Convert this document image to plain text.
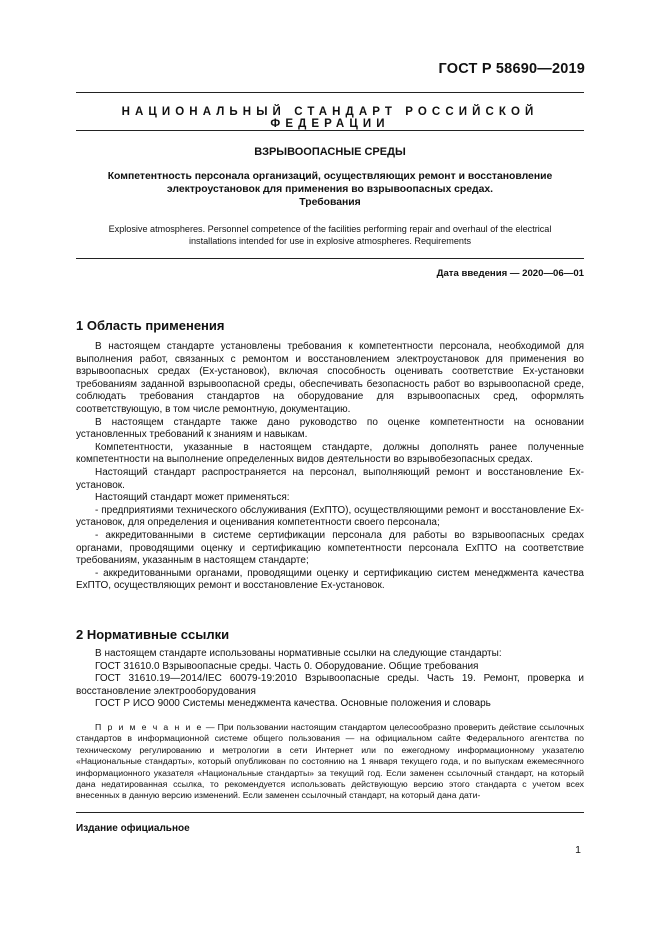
ГОСТ Р 58690—2019
НАЦИОНАЛЬНЫЙ СТАНДАРТ РОССИЙСКОЙ ФЕДЕРАЦИИ
ВЗРЫВООПАСНЫЕ СРЕДЫ
Компетентность персонала организаций, осуществляющих ремонт и восстановление
электроустановок для применения во взрывоопасных средах.
Требования
Explosive atmospheres. Personnel competence of the facilities performing repair and overhaul of the electrical
installations intended for use in explosive atmospheres. Requirements
Дата введения — 2020—06—01
1 Область применения

В настоящем стандарте установлены требования к компетентности персонала, необходимой для выполнения работ, связанных с ремонтом и восстановлением электроустановок для применения во взрывоопасных средах (Ex-установок), включая способность оценивать соответствие Ex-установки требованиям заданной взрывоопасной среды, обеспечивать безопасность работ во взрывоопасной среде, соблюдать требования стандартов на оборудование для взрывоопасных сред, оформлять соответствующую, в том числе ремонтную, документацию.

В настоящем стандарте также дано руководство по оценке компетентности на основании установленных требований к знаниям и навыкам.

Компетентности, указанные в настоящем стандарте, должны дополнять ранее полученные компетентности на выполнение определенных видов деятельности во взрывобезопасных средах.

Настоящий стандарт распространяется на персонал, выполняющий ремонт и восстановление Ex-установок.

Настоящий стандарт может применяться:

- предприятиями технического обслуживания (ExПТО), осуществляющими ремонт и восстановление Ex-установок, для определения и оценивания компетентности своего персонала;

- аккредитованными в системе сертификации персонала для работы во взрывоопасных средах органами, проводящими оценку и сертификацию компетентности персонала ExПТО на соответствие требованиям, указанным в настоящем стандарте;

- аккредитованными органами, проводящими оценку и сертификацию систем менеджмента качества ExПТО, осуществляющих ремонт и восстановление Ex-установок.

2 Нормативные ссылки

В настоящем стандарте использованы нормативные ссылки на следующие стандарты:

ГОСТ 31610.0 Взрывоопасные среды. Часть 0. Оборудование. Общие требования

ГОСТ 31610.19—2014/IEC 60079-19:2010 Взрывоопасные среды. Часть 19. Ремонт, проверка и восстановление электрооборудования

ГОСТ Р ИСО 9000 Системы менеджмента качества. Основные положения и словарь

П р и м е ч а н и е — При пользовании настоящим стандартом целесообразно проверить действие ссылочных стандартов в информационной системе общего пользования — на официальном сайте Федерального агентства по техническому регулированию и метрологии в сети Интернет или по ежегодному информационному указателю «Национальные стандарты», который опубликован по состоянию на 1 января текущего года, и по выпускам ежемесячного информационного указателя «Национальные стандарты» за текущий год. Если заменен ссылочный стандарт, на который дана недатированная ссылка, то рекомендуется использовать действующую версию этого стандарта с учетом всех внесенных в данную версию изменений. Если заменен ссылочный стандарт, на который дана дати-

Издание официальное
1
